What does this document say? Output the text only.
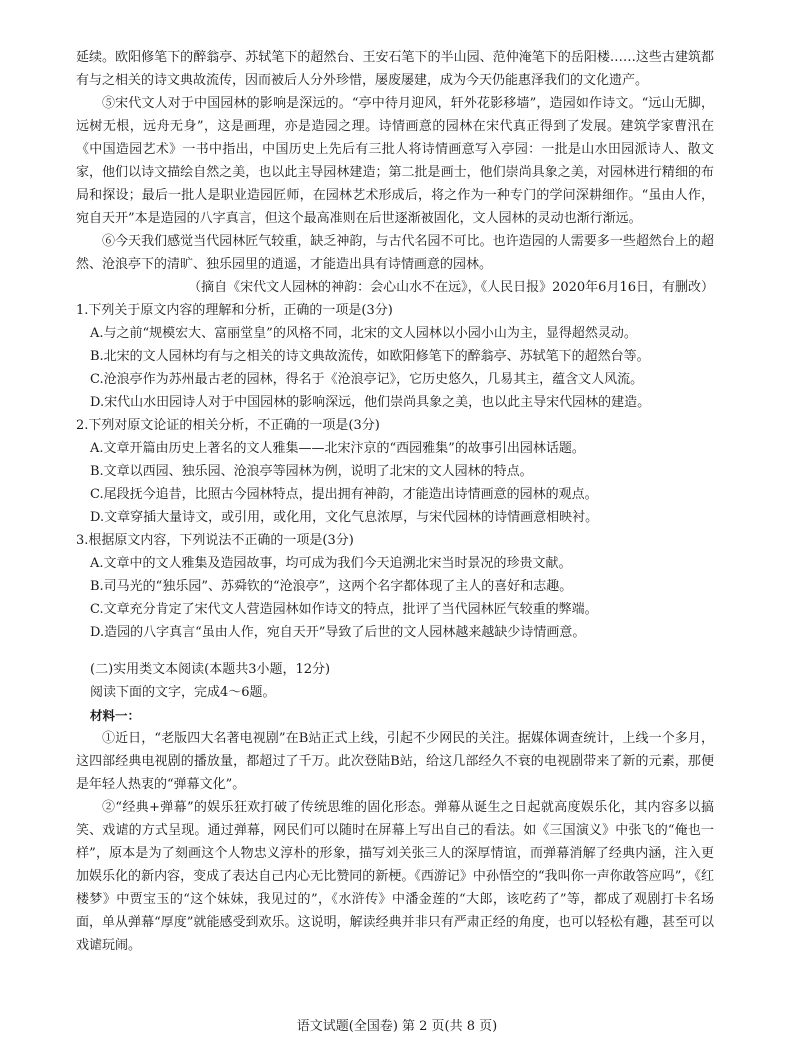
延续。欧阳修笔下的醉翁亭、苏轼笔下的超然台、王安石笔下的半山园、范仲淹笔下的岳阳楼……这些古建筑都有与之相关的诗文典故流传，因而被后人分外珍惜，屡废屡建，成为今天仍能惠泽我们的文化遗产。

⑤宋代文人对于中国园林的影响是深远的。“亭中待月迎风，轩外花影移墙”，造园如作诗文。“远山无脚，远树无根，远舟无身”，这是画理，亦是造园之理。诗情画意的园林在宋代真正得到了发展。建筑学家曹汛在《中国造园艺术》一书中指出，中国历史上先后有三批人将诗情画意写入亭园：一批是山水田园派诗人、散文家，他们以诗文描绘自然之美，也以此主导园林建造；第二批是画士，他们崇尚具象之美，对园林进行精细的布局和探设；最后一批人是职业造园匠师，在园林艺术形成后，将之作为一种专门的学问深耕细作。“虽由人作，宛自天开”本是造园的八字真言，但这个最高准则在后世逐渐被固化，文人园林的灵动也渐行渐远。

⑥今天我们感觉当代园林匠气较重，缺乏神韵，与古代名园不可比。也许造园的人需要多一些超然台上的超然、沧浪亭下的清旷、独乐园里的逍遥，才能造出具有诗情画意的园林。

（摘自《宋代文人园林的神韵：会心山水不在远》，《人民日报》2020年6月16日，有删改）

1.下列关于原文内容的理解和分析，正确的一项是(3分)

A.与之前“规模宏大、富丽堂皇”的风格不同，北宋的文人园林以小园小山为主，显得超然灵动。

B.北宋的文人园林均有与之相关的诗文典故流传，如欧阳修笔下的醉翁亭、苏轼笔下的超然台等。

C.沧浪亭作为苏州最古老的园林，得名于《沧浪亭记》，它历史悠久，几易其主，蕴含文人风流。

D.宋代山水田园诗人对于中国园林的影响深远，他们崇尚具象之美，也以此主导宋代园林的建造。

2.下列对原文论证的相关分析，不正确的一项是(3分)

A.文章开篇由历史上著名的文人雅集——北宋汴京的“西园雅集”的故事引出园林话题。

B.文章以西园、独乐园、沧浪亭等园林为例，说明了北宋的文人园林的特点。

C.尾段抚今追昔，比照古今园林特点，提出拥有神韵，才能造出诗情画意的园林的观点。

D.文章穿插大量诗文，或引用，或化用，文化气息浓厚，与宋代园林的诗情画意相映衬。

3.根据原文内容，下列说法不正确的一项是(3分)

A.文章中的文人雅集及造园故事，均可成为我们今天追溯北宋当时景况的珍贵文献。

B.司马光的“独乐园”、苏舜钦的“沧浪亭”，这两个名字都体现了主人的喜好和志趣。

C.文章充分肯定了宋代文人营造园林如作诗文的特点，批评了当代园林匠气较重的弊端。

D.造园的八字真言“虽由人作，宛自天开”导致了后世的文人园林越来越缺少诗情画意。

(二)实用类文本阅读(本题共3小题，12分)

阅读下面的文字，完成4～6题。

材料一：

①近日，“老版四大名著电视剧”在B站正式上线，引起不少网民的关注。据媒体调查统计，上线一个多月，这四部经典电视剧的播放量，都超过了千万。此次登陆B站，给这几部经久不衰的电视剧带来了新的元素，那便是年轻人热衷的“弹幕文化”。

②“经典+弹幕”的娱乐狂欢打破了传统思维的固化形态。弹幕从诞生之日起就高度娱乐化，其内容多以搞笑、戏谑的方式呈现。通过弹幕，网民们可以随时在屏幕上写出自己的看法。如《三国演义》中张飞的“俺也一样”，原本是为了刻画这个人物忠义淳朴的形象，描写刘关张三人的深厚情谊，而弹幕消解了经典内涵，注入更加娱乐化的新内容，变成了表达自己内心无比赞同的新梗。《西游记》中孙悟空的“我叫你一声你敢答应吗”，《红楼梦》中贾宝玉的“这个妹妹，我见过的”，《水浒传》中潘金莲的“大郎，该吃药了”等，都成了观剧打卡名场面，单从弹幕“厚度”就能感受到欢乐。这说明，解读经典并非只有严肃正经的角度，也可以轻松有趣，甚至可以戏谑玩闹。

语文试题(全国卷) 第 2 页(共 8 页)
